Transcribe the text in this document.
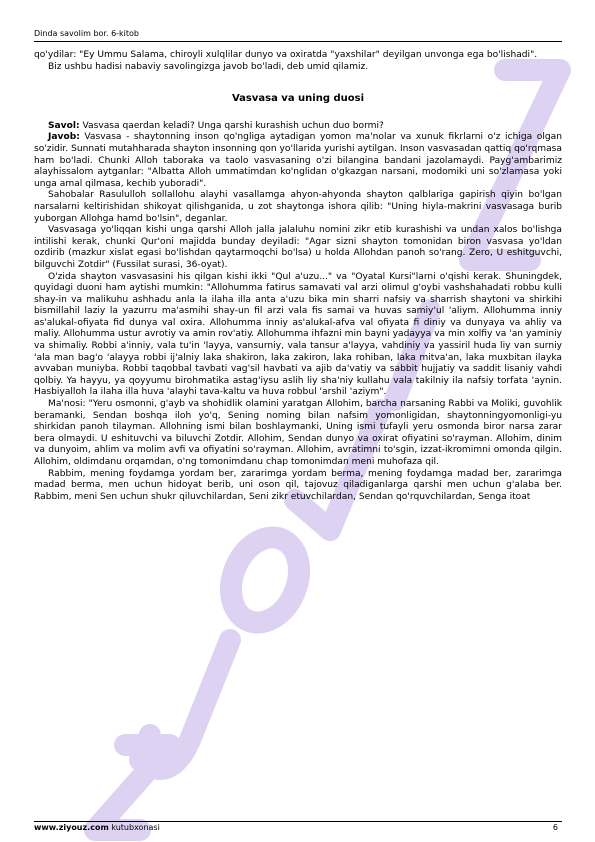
Dinda savolim bor. 6-kitob

qo'ydilar: "Ey Ummu Salama, chiroyli xulqlilar dunyo va oxiratda "yaxshilar" deyilgan unvonga ega bo'lishadi".

Biz ushbu hadisi nabaviy savolingizga javob bo'ladi, deb umid qilamiz.

Vasvasa va uning duosi

Savol: Vasvasa qaerdan keladi? Unga qarshi kurashish uchun duo bormi?

Javob: Vasvasa - shaytonning inson qo'ngliga aytadigan yomon ma'nolar va xunuk fikrlarni o'z ichiga olgan so'zidir. Sunnati mutahharada shayton insonning qon yo'llarida yurishi aytilgan. Inson vasvasadan qattiq qo'rqmasa ham bo'ladi. Chunki Alloh taboraka va taolo vasvasaning o'zi bilangina bandani jazolamaydi. Payg'ambarimiz alayhissalom aytganlar: "Albatta Alloh ummatimdan ko'nglidan o'gkazgan narsani, modomiki uni so'zlamasa yoki unga amal qilmasa, kechib yuboradi".

Sahobalar Rasululloh sollallohu alayhi vasallamga ahyon-ahyonda shayton qalblariga gapirish qiyin bo'lgan narsalarni keltirishidan shikoyat qilishganida, u zot shaytonga ishora qilib: "Uning hiyla-makrini vasvasaga burib yuborgan Allohga hamd bo'lsin", deganlar.

Vasvasaga yo'liqqan kishi unga qarshi Alloh jalla jalaluhu nomini zikr etib kurashishi va undan xalos bo'lishga intilishi kerak, chunki Qur'oni majidda bunday deyiladi: "Agar sizni shayton tomonidan biron vasvasa yo'ldan ozdirib (mazkur xislat egasi bo'lishdan qaytarmoqchi bo'lsa) u holda Allohdan panoh so'rang. Zero, U eshitguvchi, bilguvchi Zotdir" (Fussilat surasi, 36-oyat).

O'zida shayton vasvasasini his qilgan kishi ikki "Qul a'uzu..." va "Oyatal Kursi"larni o'qishi kerak. Shuningdek, quyidagi duoni ham aytishi mumkin: "Allohumma fatirus samavati val arzi olimul g'oybi vashshahadati robbu kulli shay-in va malikuhu ashhadu anla la ilaha illa anta a'uzu bika min sharri nafsiy va sharrish shaytoni va shirkihi bismillahil laziy la yazurru ma'asmihi shay-un fil arzi vala fis samai va huvas samiy'ul 'aliym. Allohumma inniy as'alukal-ofiyata fid dunya val oxira. Allohumma inniy as'alukal-afva val ofiyata fi diniy va dunyaya va ahliy va maliy. Allohumma ustur avrotiy va amin rov'atiy. Allohumma ihfazni min bayni yadayya va min xolfiy va 'an yaminiy va shimaliy. Robbi a'inniy, vala tu'in 'layya, vansurniy, vala tansur a'layya, vahdiniy va yassiril huda liy van surniy 'ala man bag'o 'alayya robbi ij'alniy laka shakiron, laka zakiron, laka rohiban, laka mitva'an, laka muxbitan ilayka avvaban muniyba. Robbi taqobbal tavbati vag'sil havbati va ajib da'vatiy va sabbit hujjatiy va saddit lisaniy vahdi qolbiy. Ya hayyu, ya qoyyumu birohmatika astag'iysu aslih liy sha'niy kullahu vala takilniy ila nafsiy torfata 'aynin. Hasbiyalloh la ilaha illa huva 'alayhi tava-kaltu va huva robbul 'arshil 'aziym".

Ma'nosi: "Yeru osmonni, g'ayb va shohidlik olamini yaratgan Allohim, barcha narsaning Rabbi va Moliki, guvohlik beramanki, Sendan boshqa iloh yo'q, Sening noming bilan nafsim yomonligidan, shaytonningyomonligi-yu shirkidan panoh tilayman. Allohning ismi bilan boshlaymanki, Uning ismi tufayli yeru osmonda biror narsa zarar bera olmaydi. U eshituvchi va biluvchi Zotdir. Allohim, Sendan dunyo va oxirat ofiyatini so'rayman. Allohim, dinim va dunyoim, ahlim va molim avfi va ofiyatini so'rayman. Allohim, avratimni to'sgin, izzat-ikromimni omonda qilgin. Allohim, oldimdanu orqamdan, o'ng tomonimdanu chap tomonimdan meni muhofaza qil.

Rabbim, mening foydamga yordam ber, zararimga yordam berma, mening foydamga madad ber, zararimga madad berma, men uchun hidoyat berib, uni oson qil, tajovuz qiladiganlarga qarshi men uchun g'alaba ber. Rabbim, meni Sen uchun shukr qiluvchilardan, Seni zikr etuvchilardan, Sendan qo'rquvchilardan, Senga itoat

www.ziyouz.com kutubxonasi	6
